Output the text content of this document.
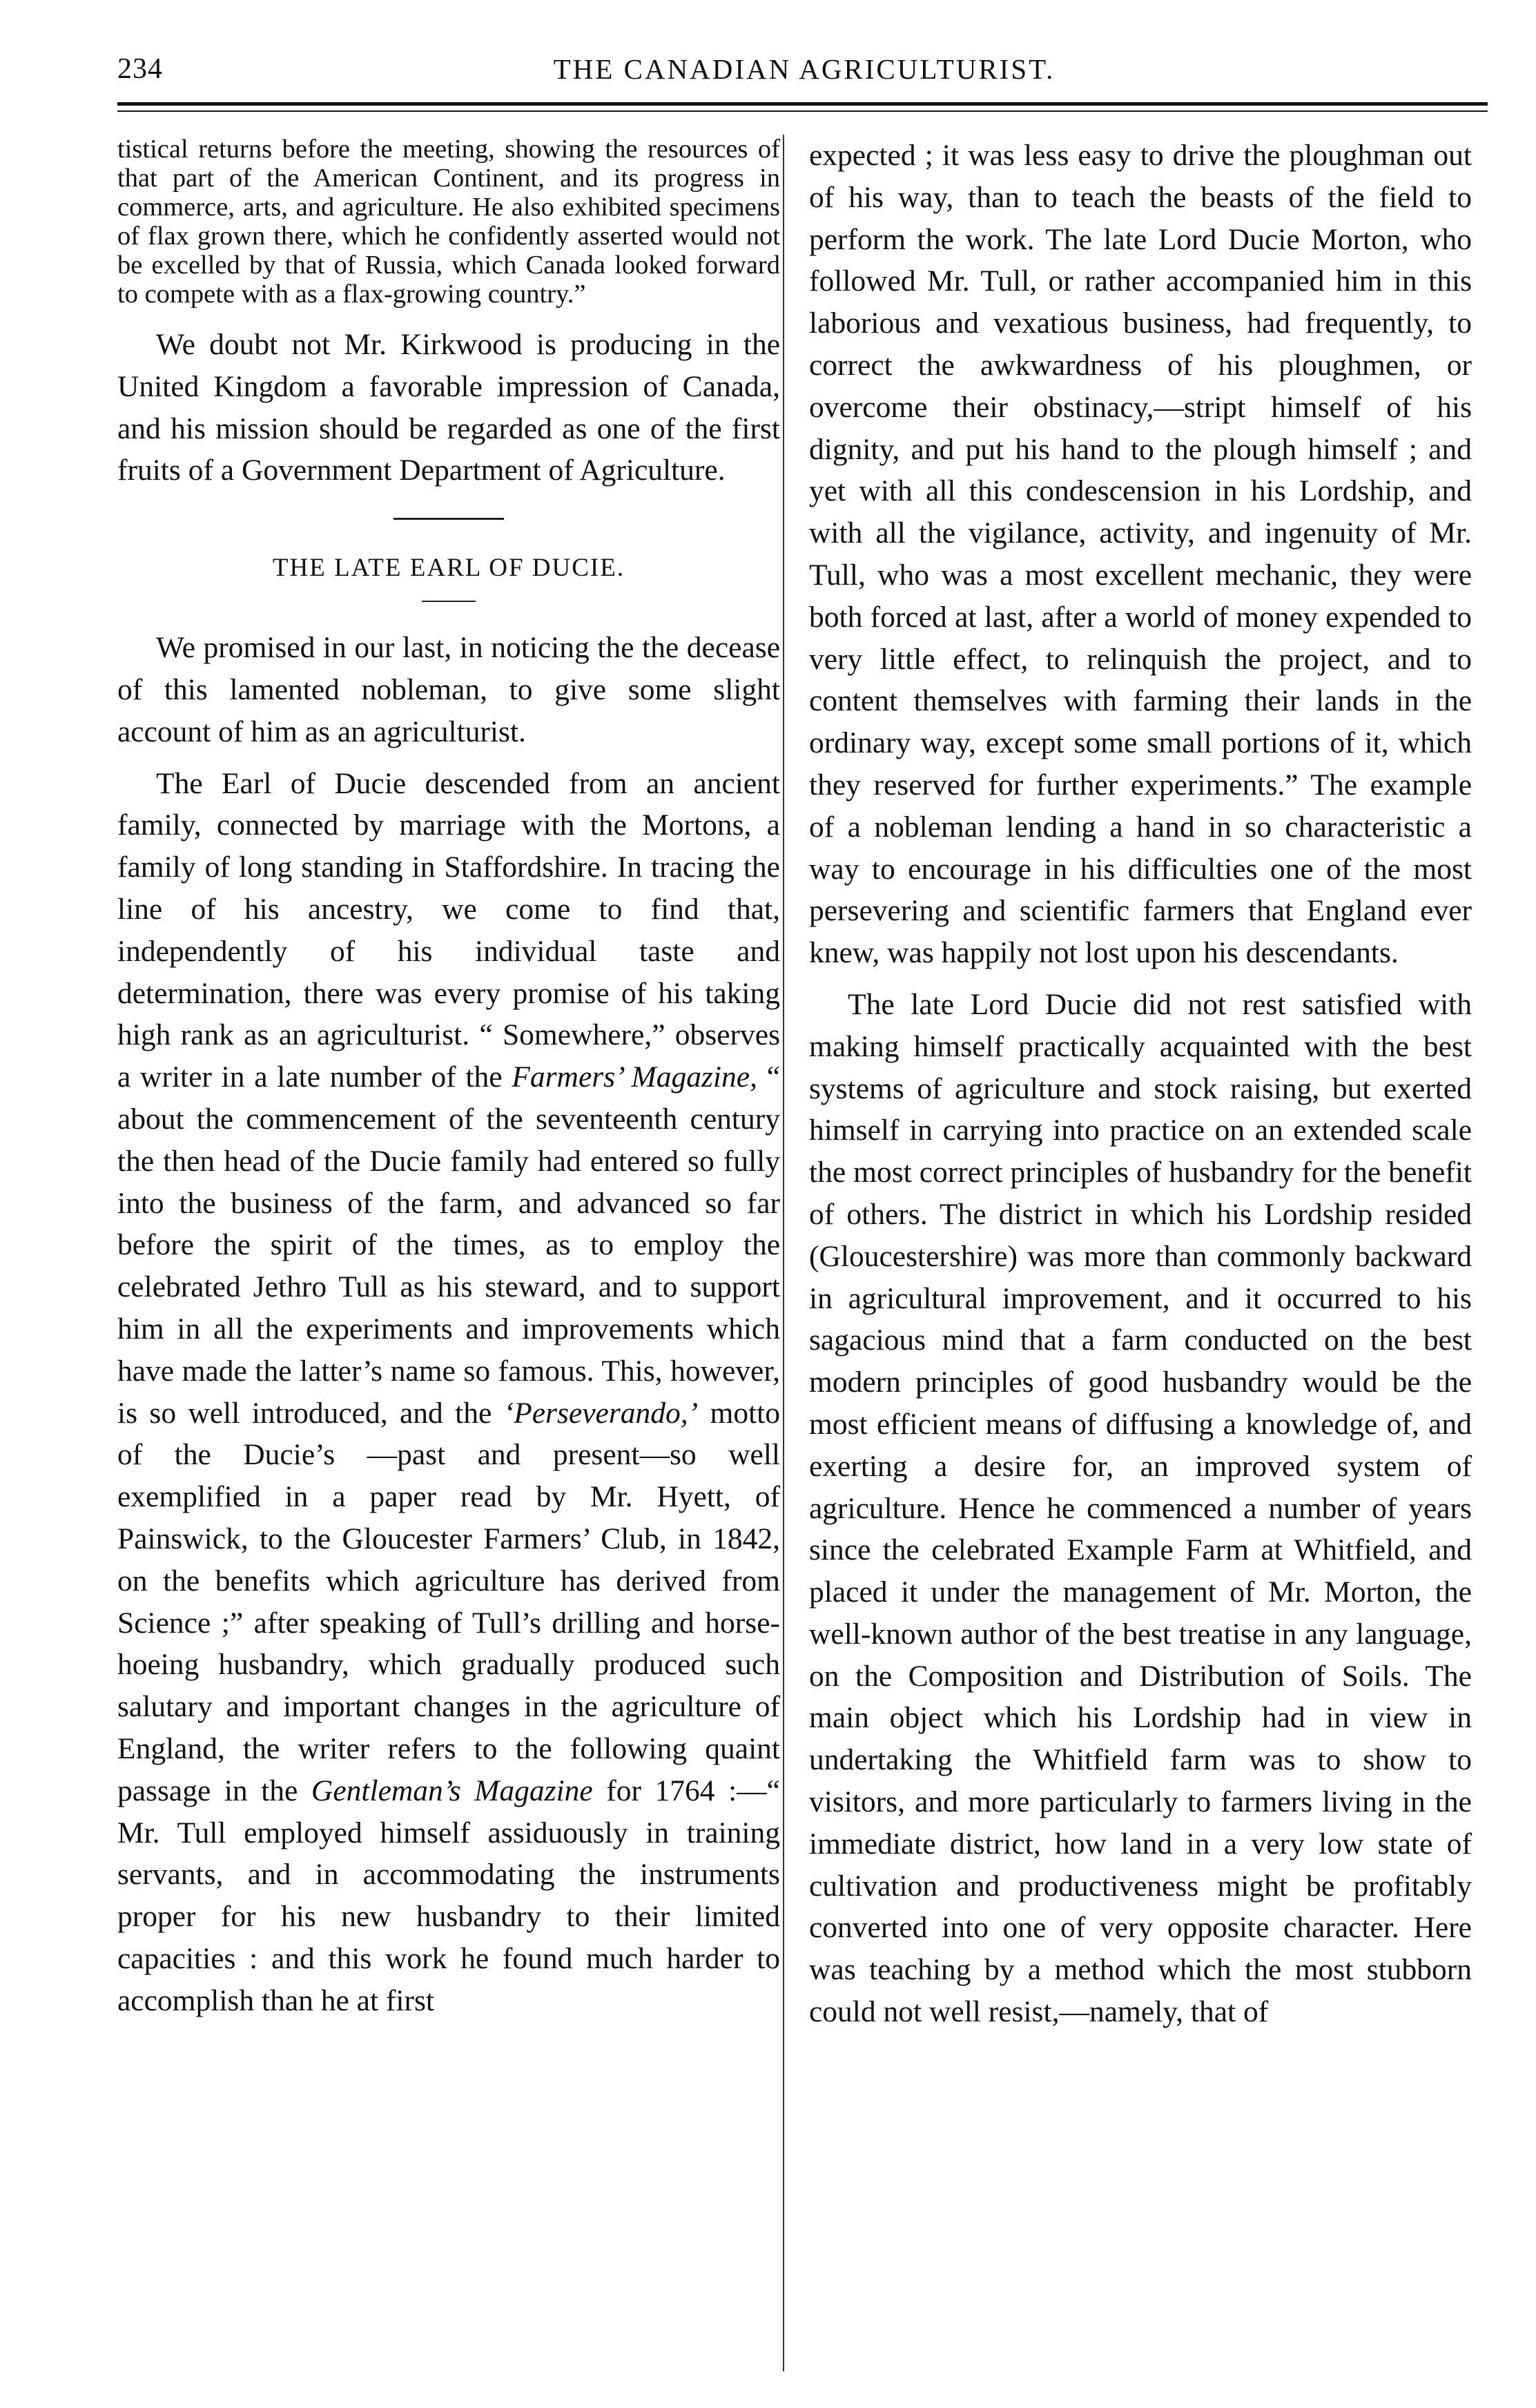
234	THE CANADIAN AGRICULTURIST.

tistical returns before the meeting, showing the resources of that part of the American Continent, and its progress in commerce, arts, and agriculture. He also exhibited specimens of flax grown there, which he confidently asserted would not be excelled by that of Russia, which Canada looked forward to compete with as a flax-growing country.”

We doubt not Mr. Kirkwood is producing in the United Kingdom a favorable impression of Canada, and his mission should be regarded as one of the first fruits of a Government Department of Agriculture.

THE LATE EARL OF DUCIE.

We promised in our last, in noticing the the decease of this lamented nobleman, to give some slight account of him as an agriculturist.

The Earl of Ducie descended from an ancient family, connected by marriage with the Mortons, a family of long standing in Staffordshire. In tracing the line of his ancestry, we come to find that, independently of his individual taste and determination, there was every promise of his taking high rank as an agriculturist. “ Somewhere,” observes a writer in a late number of the Farmers’ Magazine, “ about the commencement of the seventeenth century the then head of the Ducie family had entered so fully into the business of the farm, and advanced so far before the spirit of the times, as to employ the celebrated Jethro Tull as his steward, and to support him in all the experiments and improvements which have made the latter’s name so famous. This, however, is so well introduced, and the ‘Perseverando,’ motto of the Ducie’s —past and present—so well exemplified in a paper read by Mr. Hyett, of Painswick, to the Gloucester Farmers’ Club, in 1842, on the benefits which agriculture has derived from Science ;” after speaking of Tull’s drilling and horse-hoeing husbandry, which gradually produced such salutary and important changes in the agriculture of England, the writer refers to the following quaint passage in the Gentleman’s Magazine for 1764 :—“ Mr. Tull employed himself assiduously in training servants, and in accommodating the instruments proper for his new husbandry to their limited capacities : and this work he found much harder to accomplish than he at first

expected ; it was less easy to drive the ploughman out of his way, than to teach the beasts of the field to perform the work. The late Lord Ducie Morton, who followed Mr. Tull, or rather accompanied him in this laborious and vexatious business, had frequently, to correct the awkwardness of his ploughmen, or overcome their obstinacy,—stript himself of his dignity, and put his hand to the plough himself ; and yet with all this condescension in his Lordship, and with all the vigilance, activity, and ingenuity of Mr. Tull, who was a most excellent mechanic, they were both forced at last, after a world of money expended to very little effect, to relinquish the project, and to content themselves with farming their lands in the ordinary way, except some small portions of it, which they reserved for further experiments.” The example of a nobleman lending a hand in so characteristic a way to encourage in his difficulties one of the most persevering and scientific farmers that England ever knew, was happily not lost upon his descendants.

The late Lord Ducie did not rest satisfied with making himself practically acquainted with the best systems of agriculture and stock raising, but exerted himself in carrying into practice on an extended scale the most correct principles of husbandry for the benefit of others. The district in which his Lordship resided (Gloucestershire) was more than commonly backward in agricultural improvement, and it occurred to his sagacious mind that a farm conducted on the best modern principles of good husbandry would be the most efficient means of diffusing a knowledge of, and exerting a desire for, an improved system of agriculture. Hence he commenced a number of years since the celebrated Example Farm at Whitfield, and placed it under the management of Mr. Morton, the well-known author of the best treatise in any language, on the Composition and Distribution of Soils. The main object which his Lordship had in view in undertaking the Whitfield farm was to show to visitors, and more particularly to farmers living in the immediate district, how land in a very low state of cultivation and productiveness might be profitably converted into one of very opposite character. Here was teaching by a method which the most stubborn could not well resist,—namely, that of
